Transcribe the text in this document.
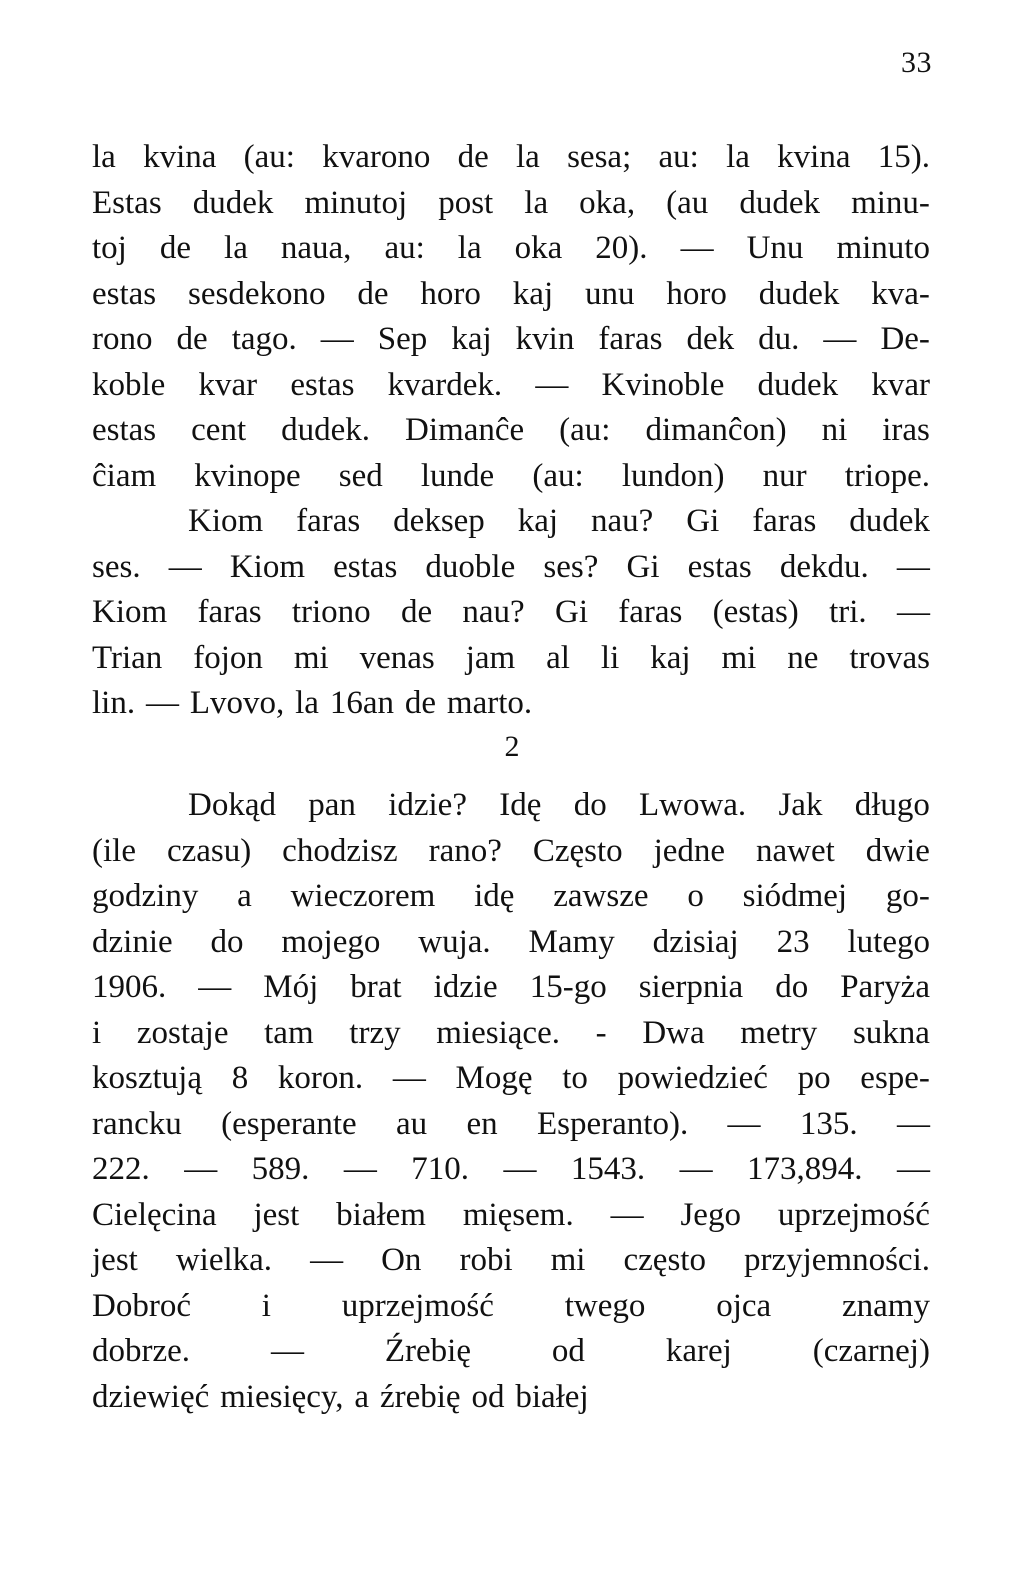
33
la kvina (au: kvarono de la sesa; au: la kvina 15).
Estas dudek minutoj post la oka, (au dudek minu-
toj de la naua, au: la oka 20). — Unu minuto
estas sesdekono de horo kaj unu horo dudek kva-
rono de tago. — Sep kaj kvin faras dek du. — De-
koble kvar estas kvardek. — Kvinoble dudek kvar
estas cent dudek. Dimanĉe (au: dimanĉon) ni iras
ĉiam kvinope sed lunde (au: lundon) nur triope.
Kiom faras deksep kaj nau? Gi faras dudek
ses. — Kiom estas duoble ses? Gi estas dekdu. —
Kiom faras triono de nau? Gi faras (estas) tri. —
Trian fojon mi venas jam al li kaj mi ne trovas
lin. — Lvovo, la 16an de marto.
2
Dokąd pan idzie? Idę do Lwowa. Jak długo
(ile czasu) chodzisz rano? Często jedne nawet dwie
godziny a wieczorem idę zawsze o siódmej go-
dzinie do mojego wuja. Mamy dzisiaj 23 lutego
1906. — Mój brat idzie 15-go sierpnia do Paryża
i zostaje tam trzy miesiące. - Dwa metry sukna
kosztują 8 koron. — Mogę to powiedzieć po espe-
rancku (esperante au en Esperanto). — 135. —
222. — 589. — 710. — 1543. — 173,894. —
Cielęcina jest białem mięsem. — Jego uprzejmość
jest wielka. — On robi mi często przyjemności.
Dobroć i uprzejmość twego ojca znamy
dobrze. — Źrebię od karej (czarnej)
dziewięć miesięcy, a źrebię od białej
